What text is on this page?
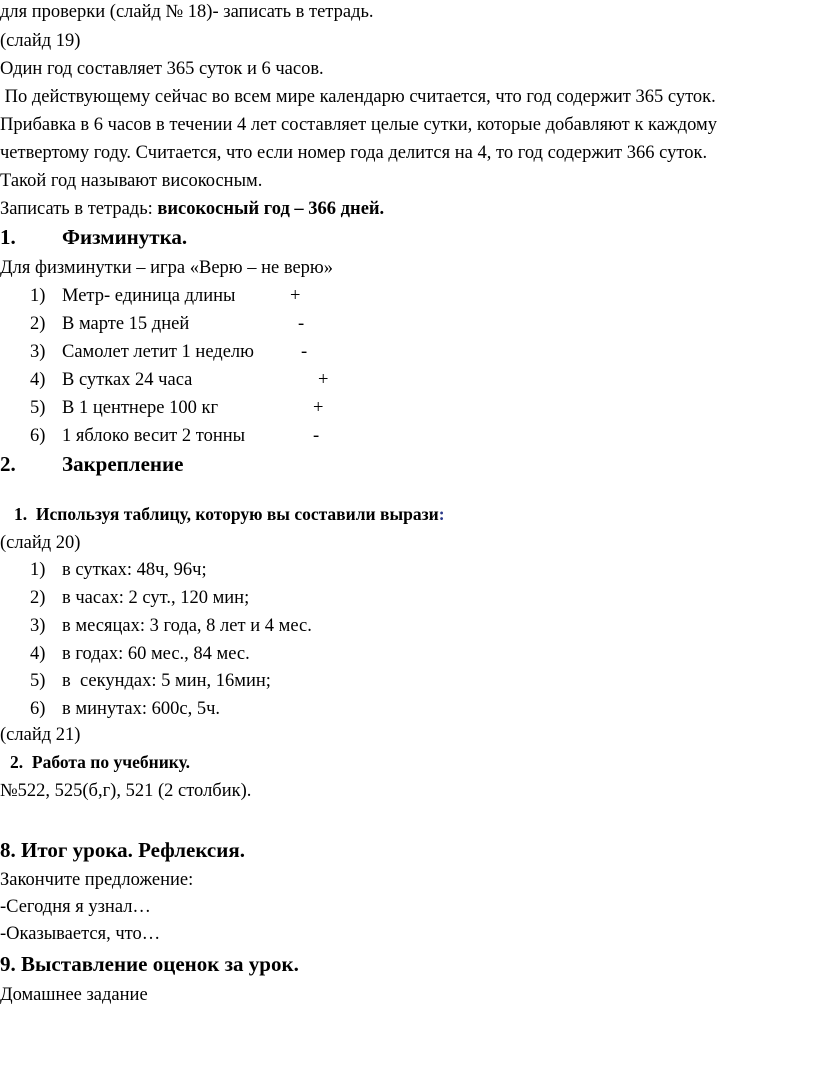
для проверки (слайд № 18)- записать в тетрадь.
(слайд 19)
Один год составляет 365 суток и 6 часов.
По действующему сейчас во всем мире календарю считается, что год содержит 365 суток.
Прибавка в 6 часов в течении 4 лет составляет целые сутки, которые добавляют к каждому
четвертому году. Считается, что если номер года делится на 4, то год содержит 366 суток.
Такой год называют високосным.
Записать в тетрадь: високосный год – 366 дней.
1. Физминутка.
Для физминутки – игра «Верю – не верю»
1) Метр- единица длины	+
2) В марте 15 дней	-
3) Самолет летит 1 неделю	-
4) В сутках 24 часа	+
5) В 1 центнере 100 кг	+
6) 1 яблоко весит 2 тонны	-
2. Закрепление
1.  Используя таблицу, которую вы составили вырази:
(слайд 20)
1) в сутках: 48ч, 96ч;
2) в часах: 2 сут., 120 мин;
3) в месяцах: 3 года, 8 лет и 4 мес.
4) в годах: 60 мес., 84 мес.
5) в  секундах: 5 мин, 16мин;
6) в минутах: 600с, 5ч.
(слайд 21)
2.  Работа по учебнику.
№522, 525(б,г), 521 (2 столбик).
8. Итог урока. Рефлексия.
Закончите предложение:
-Сегодня я узнал…
-Оказывается, что…
9. Выставление оценок за урок.
Домашнее задание
